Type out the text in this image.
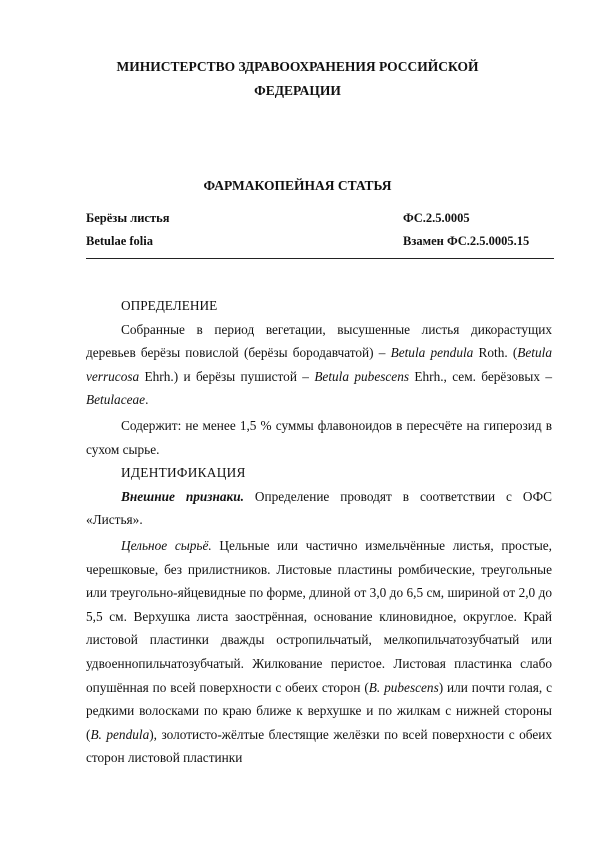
МИНИСТЕРСТВО ЗДРАВООХРАНЕНИЯ РОССИЙСКОЙ ФЕДЕРАЦИИ
ФАРМАКОПЕЙНАЯ СТАТЬЯ
Берёзы листья	ФС.2.5.0005
Betulae folia	Взамен ФС.2.5.0005.15

ОПРЕДЕЛЕНИЕ

Собранные в период вегетации, высушенные листья дикорастущих деревьев берёзы повислой (берёзы бородавчатой) – Betula pendula Roth. (Betula verrucosa Ehrh.) и берёзы пушистой – Betula pubescens Ehrh., сем. берёзовых – Betulaceae.

Содержит: не менее 1,5 % суммы флавоноидов в пересчёте на гиперозид в сухом сырье.

ИДЕНТИФИКАЦИЯ

Внешние признаки. Определение проводят в соответствии с ОФС «Листья».

Цельное сырьё. Цельные или частично измельчённые листья, простые, черешковые, без прилистников. Листовые пластины ромбические, треугольные или треугольно-яйцевидные по форме, длиной от 3,0 до 6,5 см, шириной от 2,0 до 5,5 см. Верхушка листа заострённая, основание клиновидное, округлое. Край листовой пластинки дважды остропильчатый, мелкопильчатозубчатый или удвоеннопильчатозубчатый. Жилкование перистое. Листовая пластинка слабо опушённая по всей поверхности с обеих сторон (B. pubescens) или почти голая, с редкими волосками по краю ближе к верхушке и по жилкам с нижней стороны (B. pendula), золотисто-жёлтые блестящие желёзки по всей поверхности с обеих сторон листовой пластинки
